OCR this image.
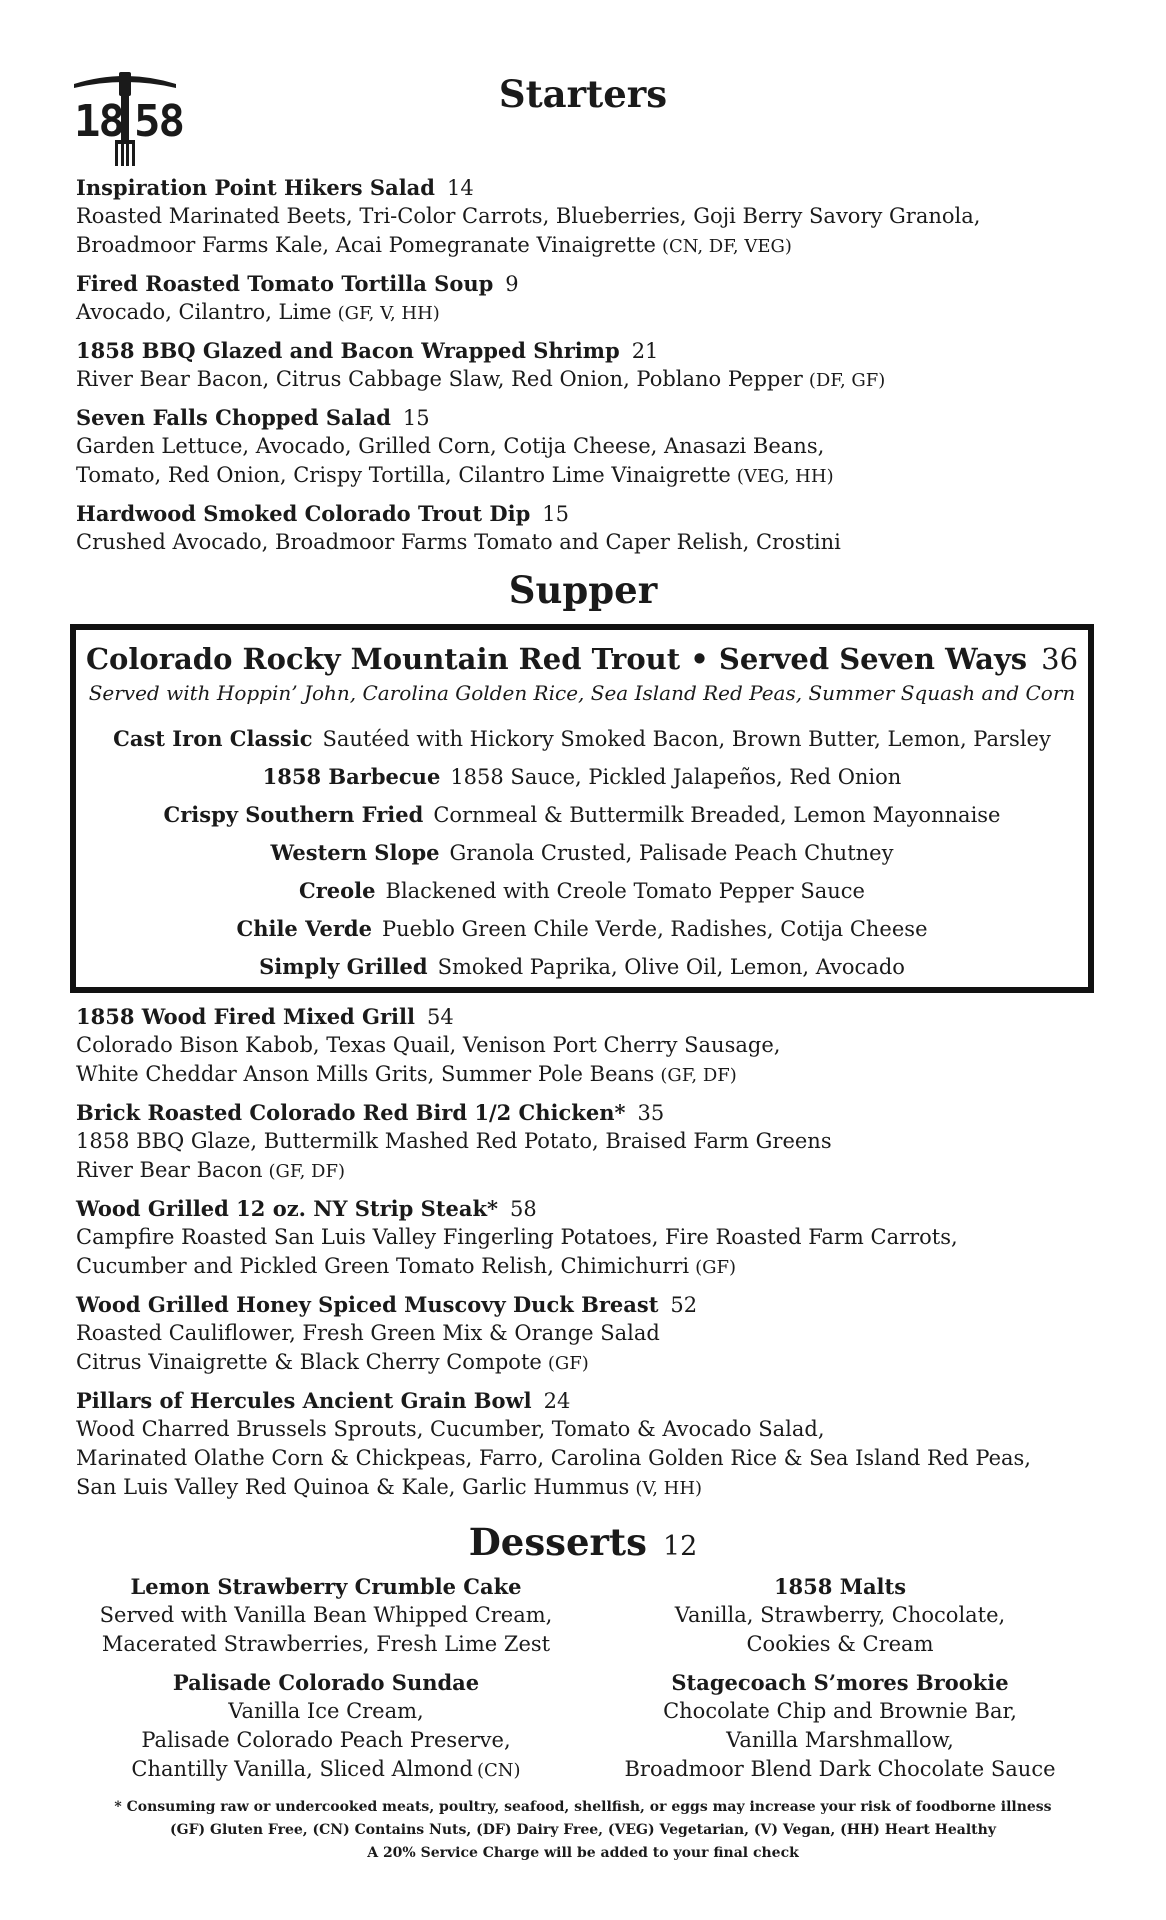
18 58
Starters
Inspiration Point Hikers Salad 14
Roasted Marinated Beets, Tri-Color Carrots, Blueberries, Goji Berry Savory Granola,
Broadmoor Farms Kale, Acai Pomegranate Vinaigrette (CN, DF, VEG)
Fired Roasted Tomato Tortilla Soup 9
Avocado, Cilantro, Lime (GF, V, HH)
1858 BBQ Glazed and Bacon Wrapped Shrimp 21
River Bear Bacon, Citrus Cabbage Slaw, Red Onion, Poblano Pepper (DF, GF)
Seven Falls Chopped Salad 15
Garden Lettuce, Avocado, Grilled Corn, Cotija Cheese, Anasazi Beans,
Tomato, Red Onion, Crispy Tortilla, Cilantro Lime Vinaigrette (VEG, HH)
Hardwood Smoked Colorado Trout Dip 15
Crushed Avocado, Broadmoor Farms Tomato and Caper Relish, Crostini
Supper
Colorado Rocky Mountain Red Trout • Served Seven Ways 36
Served with Hoppin’ John, Carolina Golden Rice, Sea Island Red Peas, Summer Squash and Corn
Cast Iron Classic Sautéed with Hickory Smoked Bacon, Brown Butter, Lemon, Parsley
1858 Barbecue 1858 Sauce, Pickled Jalapeños, Red Onion
Crispy Southern Fried Cornmeal & Buttermilk Breaded, Lemon Mayonnaise
Western Slope Granola Crusted, Palisade Peach Chutney
Creole Blackened with Creole Tomato Pepper Sauce
Chile Verde Pueblo Green Chile Verde, Radishes, Cotija Cheese
Simply Grilled Smoked Paprika, Olive Oil, Lemon, Avocado
1858 Wood Fired Mixed Grill 54
Colorado Bison Kabob, Texas Quail, Venison Port Cherry Sausage,
White Cheddar Anson Mills Grits, Summer Pole Beans (GF, DF)
Brick Roasted Colorado Red Bird 1/2 Chicken* 35
1858 BBQ Glaze, Buttermilk Mashed Red Potato, Braised Farm Greens
River Bear Bacon (GF, DF)
Wood Grilled 12 oz. NY Strip Steak* 58
Campfire Roasted San Luis Valley Fingerling Potatoes, Fire Roasted Farm Carrots,
Cucumber and Pickled Green Tomato Relish, Chimichurri (GF)
Wood Grilled Honey Spiced Muscovy Duck Breast 52
Roasted Cauliflower, Fresh Green Mix & Orange Salad
Citrus Vinaigrette & Black Cherry Compote (GF)
Pillars of Hercules Ancient Grain Bowl 24
Wood Charred Brussels Sprouts, Cucumber, Tomato & Avocado Salad,
Marinated Olathe Corn & Chickpeas, Farro, Carolina Golden Rice & Sea Island Red Peas,
San Luis Valley Red Quinoa & Kale, Garlic Hummus (V, HH)
Desserts 12
Lemon Strawberry Crumble Cake
Served with Vanilla Bean Whipped Cream,
Macerated Strawberries, Fresh Lime Zest
Palisade Colorado Sundae
Vanilla Ice Cream,
Palisade Colorado Peach Preserve,
Chantilly Vanilla, Sliced Almond (CN)
1858 Malts
Vanilla, Strawberry, Chocolate,
Cookies & Cream
Stagecoach S’mores Brookie
Chocolate Chip and Brownie Bar,
Vanilla Marshmallow,
Broadmoor Blend Dark Chocolate Sauce
* Consuming raw or undercooked meats, poultry, seafood, shellfish, or eggs may increase your risk of foodborne illness
(GF) Gluten Free, (CN) Contains Nuts, (DF) Dairy Free, (VEG) Vegetarian, (V) Vegan, (HH) Heart Healthy
A 20% Service Charge will be added to your final check
